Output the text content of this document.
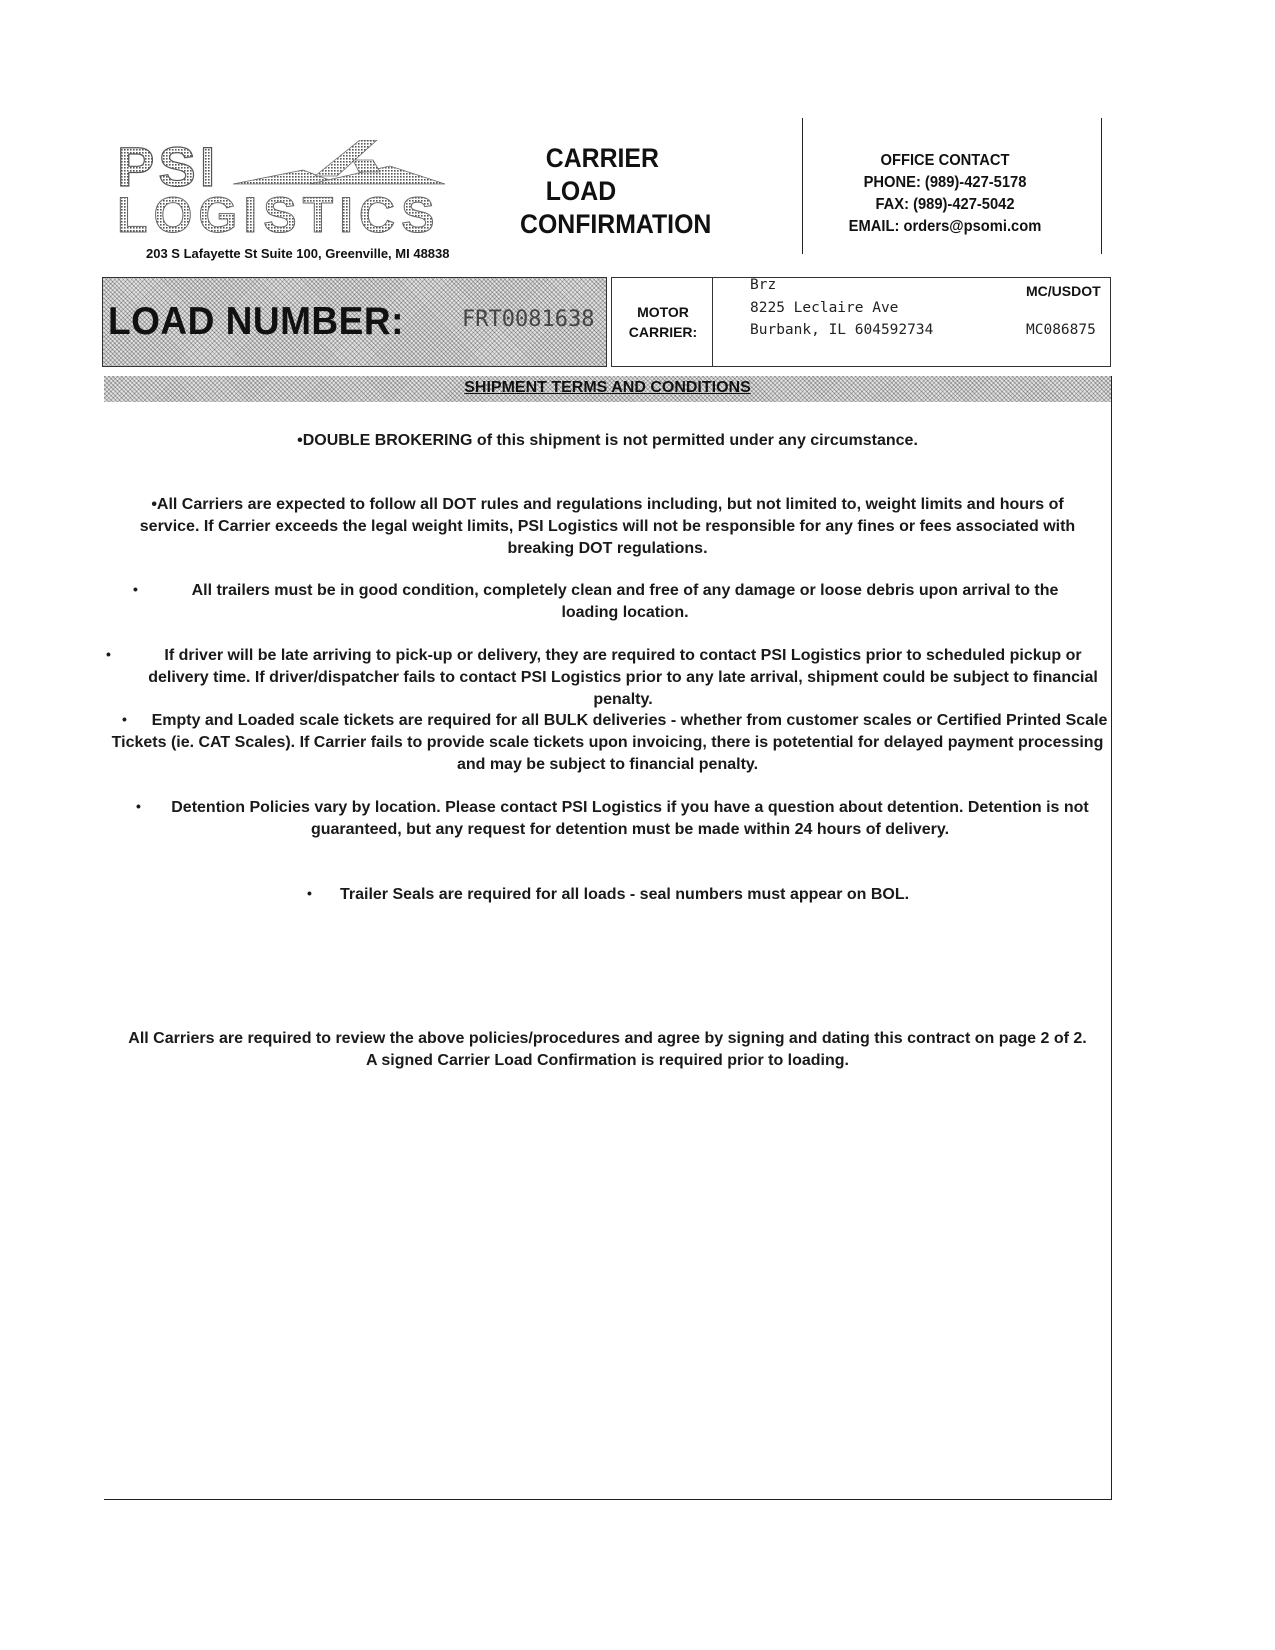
PSI
LOGISTICS
203 S Lafayette St Suite 100, Greenville, MI 48838
CARRIER LOAD
CONFIRMATION
OFFICE CONTACT
PHONE: (989)-427-5178
FAX: (989)-427-5042
EMAIL: orders@psomi.com
LOAD NUMBER:	FRT0081638	MOTOR
CARRIER:
Brz
8225 Leclaire Ave
Burbank, IL 604592734
MC/USDOT
MC086875
SHIPMENT TERMS AND CONDITIONS
•DOUBLE BROKERING of this shipment is not permitted under any circumstance.
•All Carriers are expected to follow all DOT rules and regulations including, but not limited to, weight limits and hours of service. If Carrier exceeds the legal weight limits, PSI Logistics will not be responsible for any fines or fees associated with breaking DOT regulations.
•	All trailers must be in good condition, completely clean and free of any damage or loose debris upon arrival to the loading location.
•	If driver will be late arriving to pick-up or delivery, they are required to contact PSI Logistics prior to scheduled pickup or delivery time. If driver/dispatcher fails to contact PSI Logistics prior to any late arrival, shipment could be subject to financial penalty.
•	Empty and Loaded scale tickets are required for all BULK deliveries - whether from customer scales or Certified Printed Scale Tickets (ie. CAT Scales). If Carrier fails to provide scale tickets upon invoicing, there is potetential for delayed payment processing and may be subject to financial penalty.
• Detention Policies vary by location. Please contact PSI Logistics if you have a question about detention. Detention is not guaranteed, but any request for detention must be made within 24 hours of delivery.
• Trailer Seals are required for all loads - seal numbers must appear on BOL.
All Carriers are required to review the above policies/procedures and agree by signing and dating this contract on page 2 of 2. A signed Carrier Load Confirmation is required prior to loading.
